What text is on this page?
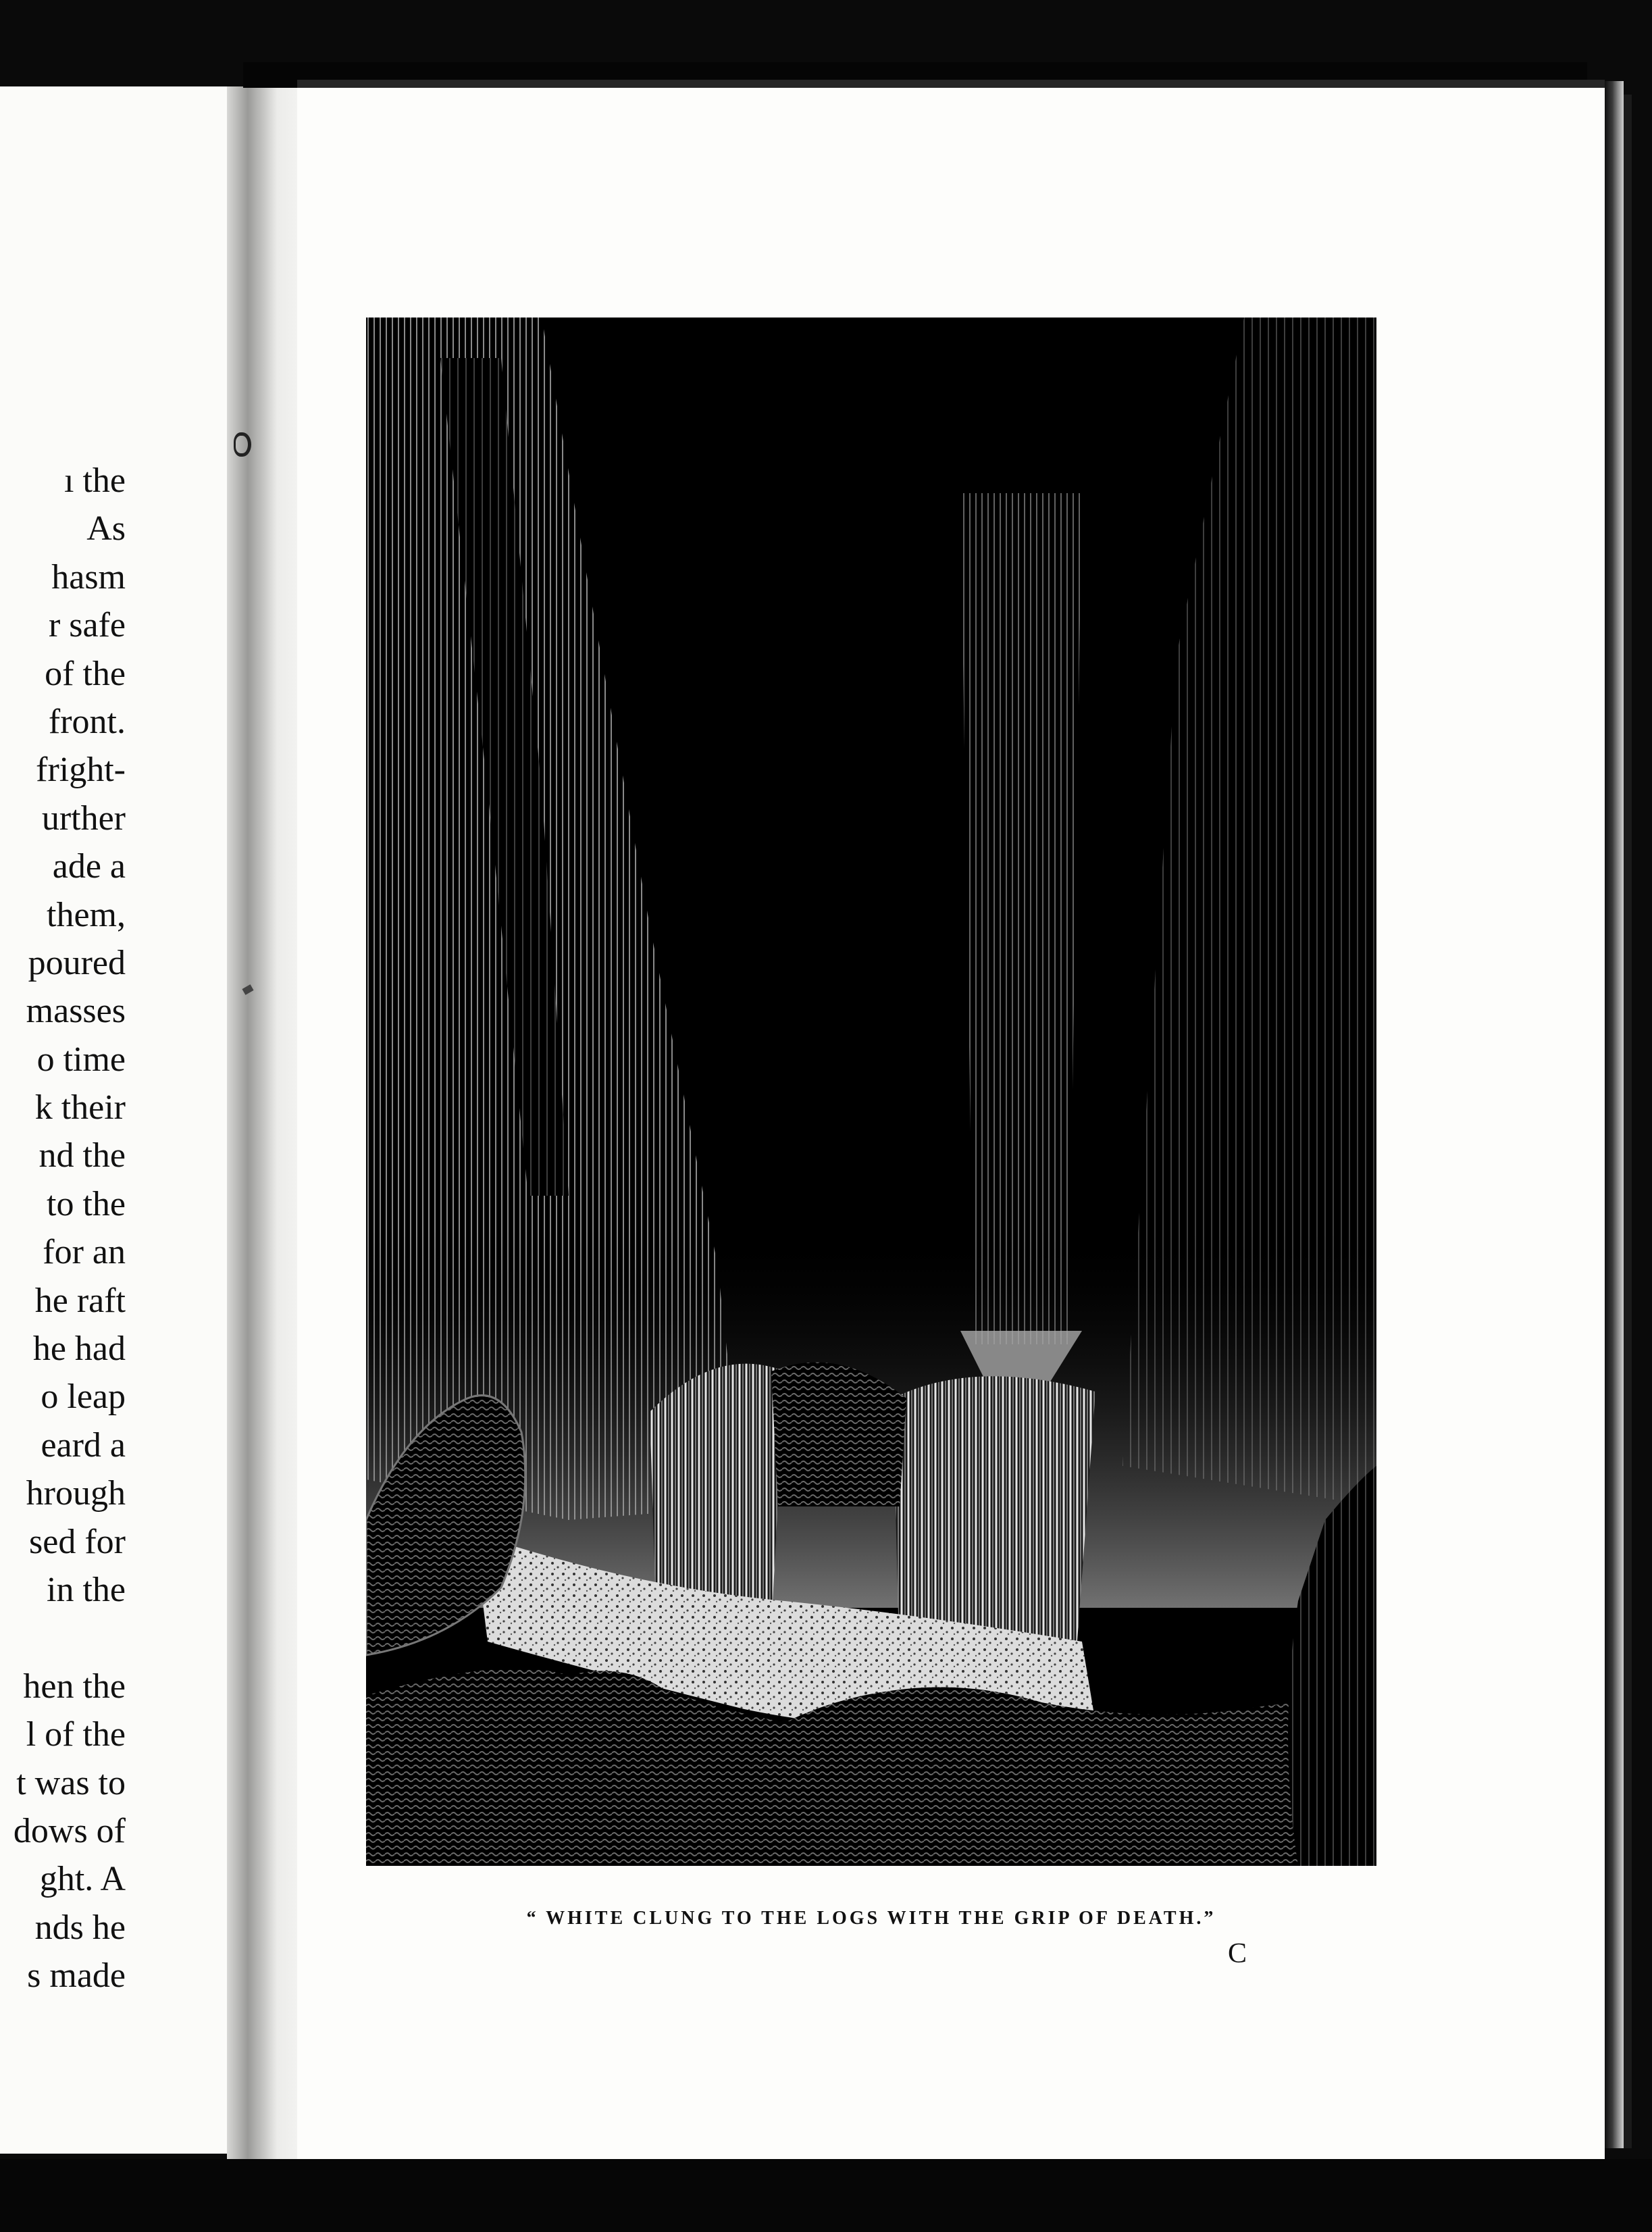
ı the
As
hasm
r safe
of the
front.
fright-
urther
ade a
them,
poured
masses
o time
k their
nd the
to the
for an
he raft
he had
o leap
eard a
hrough
sed for
in the
hen the
l of the
t was to
dows of
ght. A
nds he
s made
“ WHITE CLUNG TO THE LOGS WITH THE GRIP OF DEATH.”
C
